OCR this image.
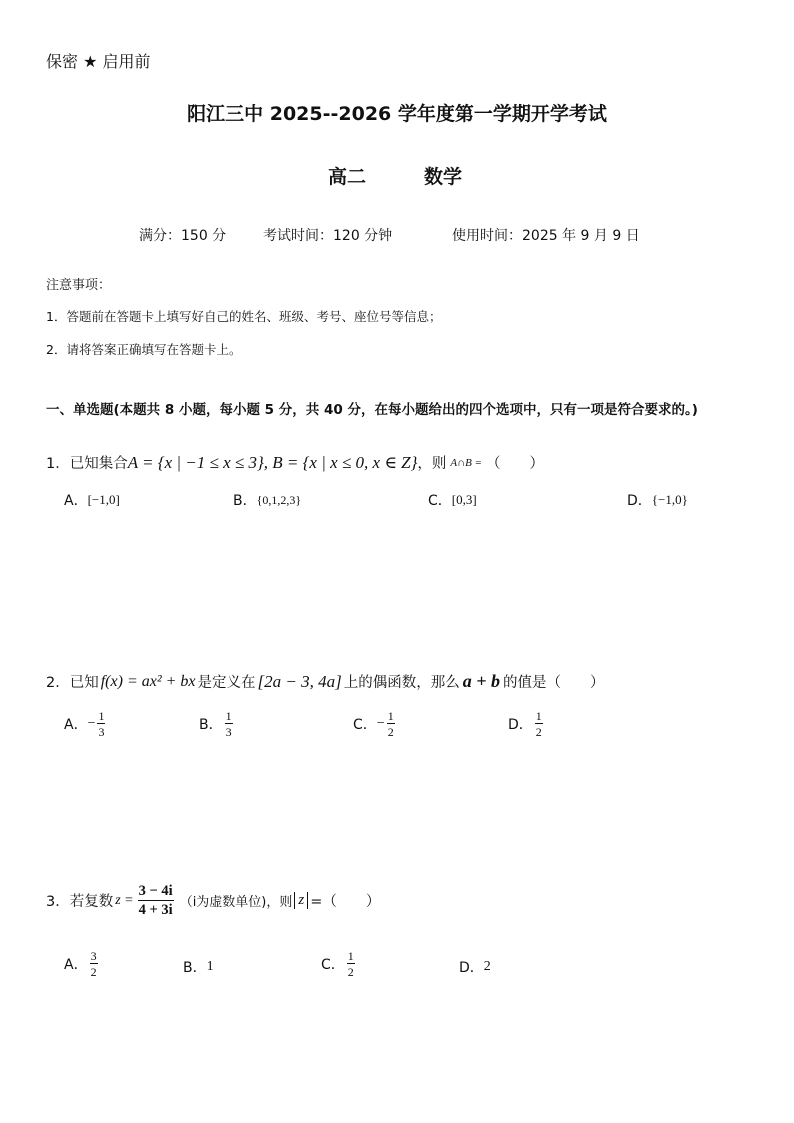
保密 ★ 启用前
阳江三中 2025--2026 学年度第一学期开学考试
高二	数学
满分：150 分	考试时间：120 分钟	使用时间：2025 年 9 月 9 日
注意事项：
1．答题前在答题卡上填写好自己的姓名、班级、考号、座位号等信息；
2．请将答案正确填写在答题卡上。
一、单选题(本题共 8 小题，每小题 5 分，共 40 分，在每小题给出的四个选项中，只有一项是符合要求的。)
1． 已知集合 A = {x | −1 ≤ x ≤ 3} , B = {x | x ≤ 0, x ∈ Z} ，则 A∩B = （　　）
A． [−1,0]	B． {0,1,2,3}	C． [0,3]	D． {−1,0}
2． 已知 f(x) = ax² + bx 是定义在 [2a − 3, 4a] 上的偶函数，那么 a + b 的值是（　　）
A． − $\frac{1}{3}$	B． $\frac{1}{3}$	C． − $\frac{1}{2}$	D． $\frac{1}{2}$
3． 若复数 $z = \frac{3 - 4i}{4 + 3i} (i$为虚数单位)，则 z =（　　）
A． $\frac{3}{2}$	B． 1	C． $\frac{1}{2}$	D． 2
